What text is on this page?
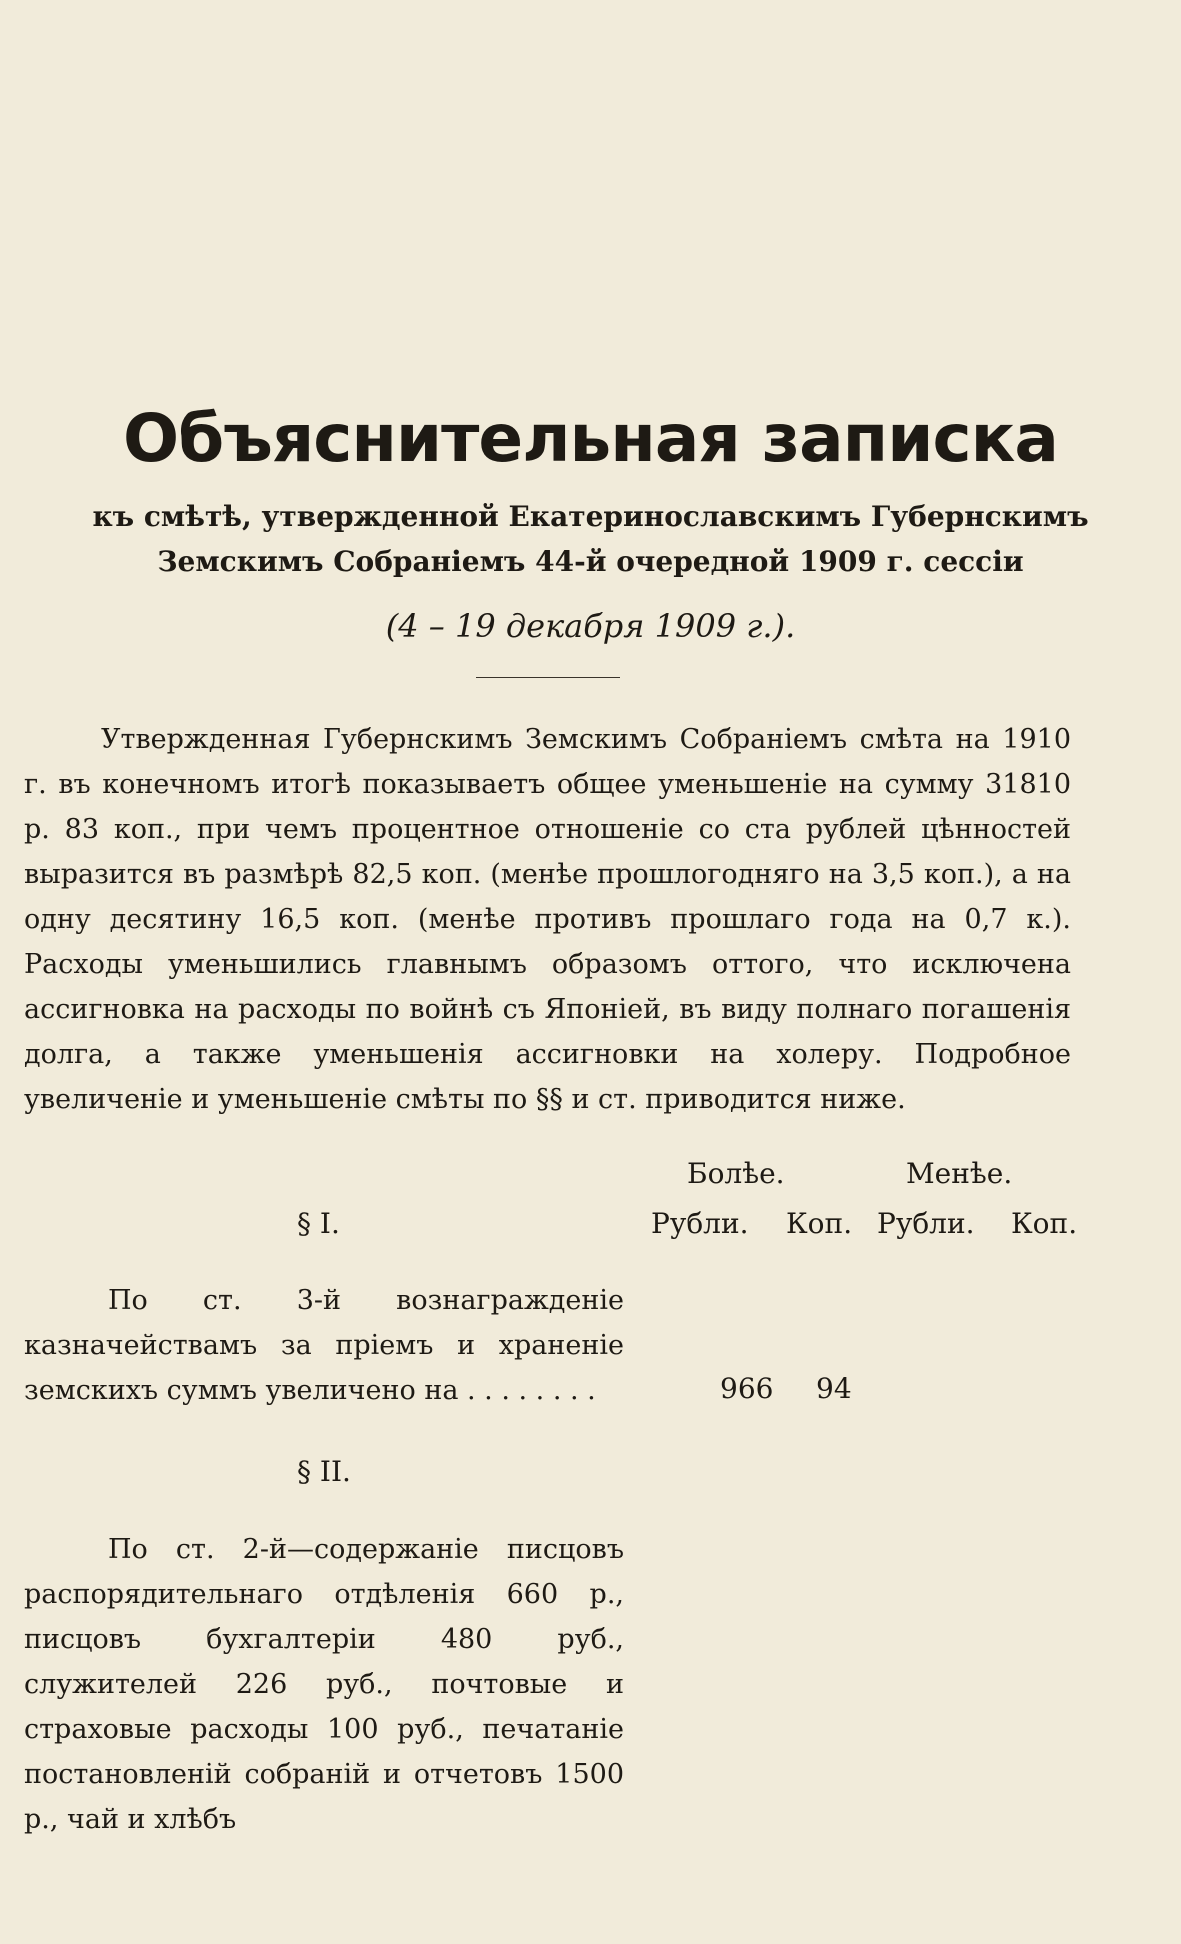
Объяснительная записка
къ смѣтѣ, утвержденной Екатеринославскимъ Губернскимъ
Земскимъ Собраніемъ 44-й очередной 1909 г. сессіи
(4 – 19 декабря 1909 г.).

Утвержденная Губернскимъ Земскимъ Собраніемъ смѣта на 1910 г. въ конечномъ итогѣ показываетъ общее уменьшеніе на сумму 31810 р. 83 коп., при чемъ процентное отношеніе со ста рублей цѣнностей выразится въ размѣрѣ 82,5 коп. (менѣе прошлогодняго на 3,5 коп.), а на одну десятину 16,5 коп. (менѣе противъ прошлаго года на 0,7 к.). Расходы уменьшились главнымъ образомъ оттого, что исключена ассигновка на расходы по войнѣ съ Японіей, въ виду полнаго погашенія долга, а также уменьшенія ассигновки на холеру. Подробное увеличеніе и уменьшеніе смѣты по §§ и ст. приводится ниже.

Болѣе.	Менѣе.
Рубли. Коп. Рубли. Коп.
§ I.

По ст. 3-й вознагражденіе казначействамъ за пріемъ и храненіе земскихъ суммъ увеличено на . . . . . . . .	966 94
§ II.

По ст. 2-й—содержаніе писцовъ распорядительнаго отдѣленія 660 р., писцовъ бухгалтеріи 480 руб., служителей 226 руб., почтовые и страховые расходы 100 руб., печатаніе постановленій собраній и отчетовъ 1500 р., чай и хлѣбъ
